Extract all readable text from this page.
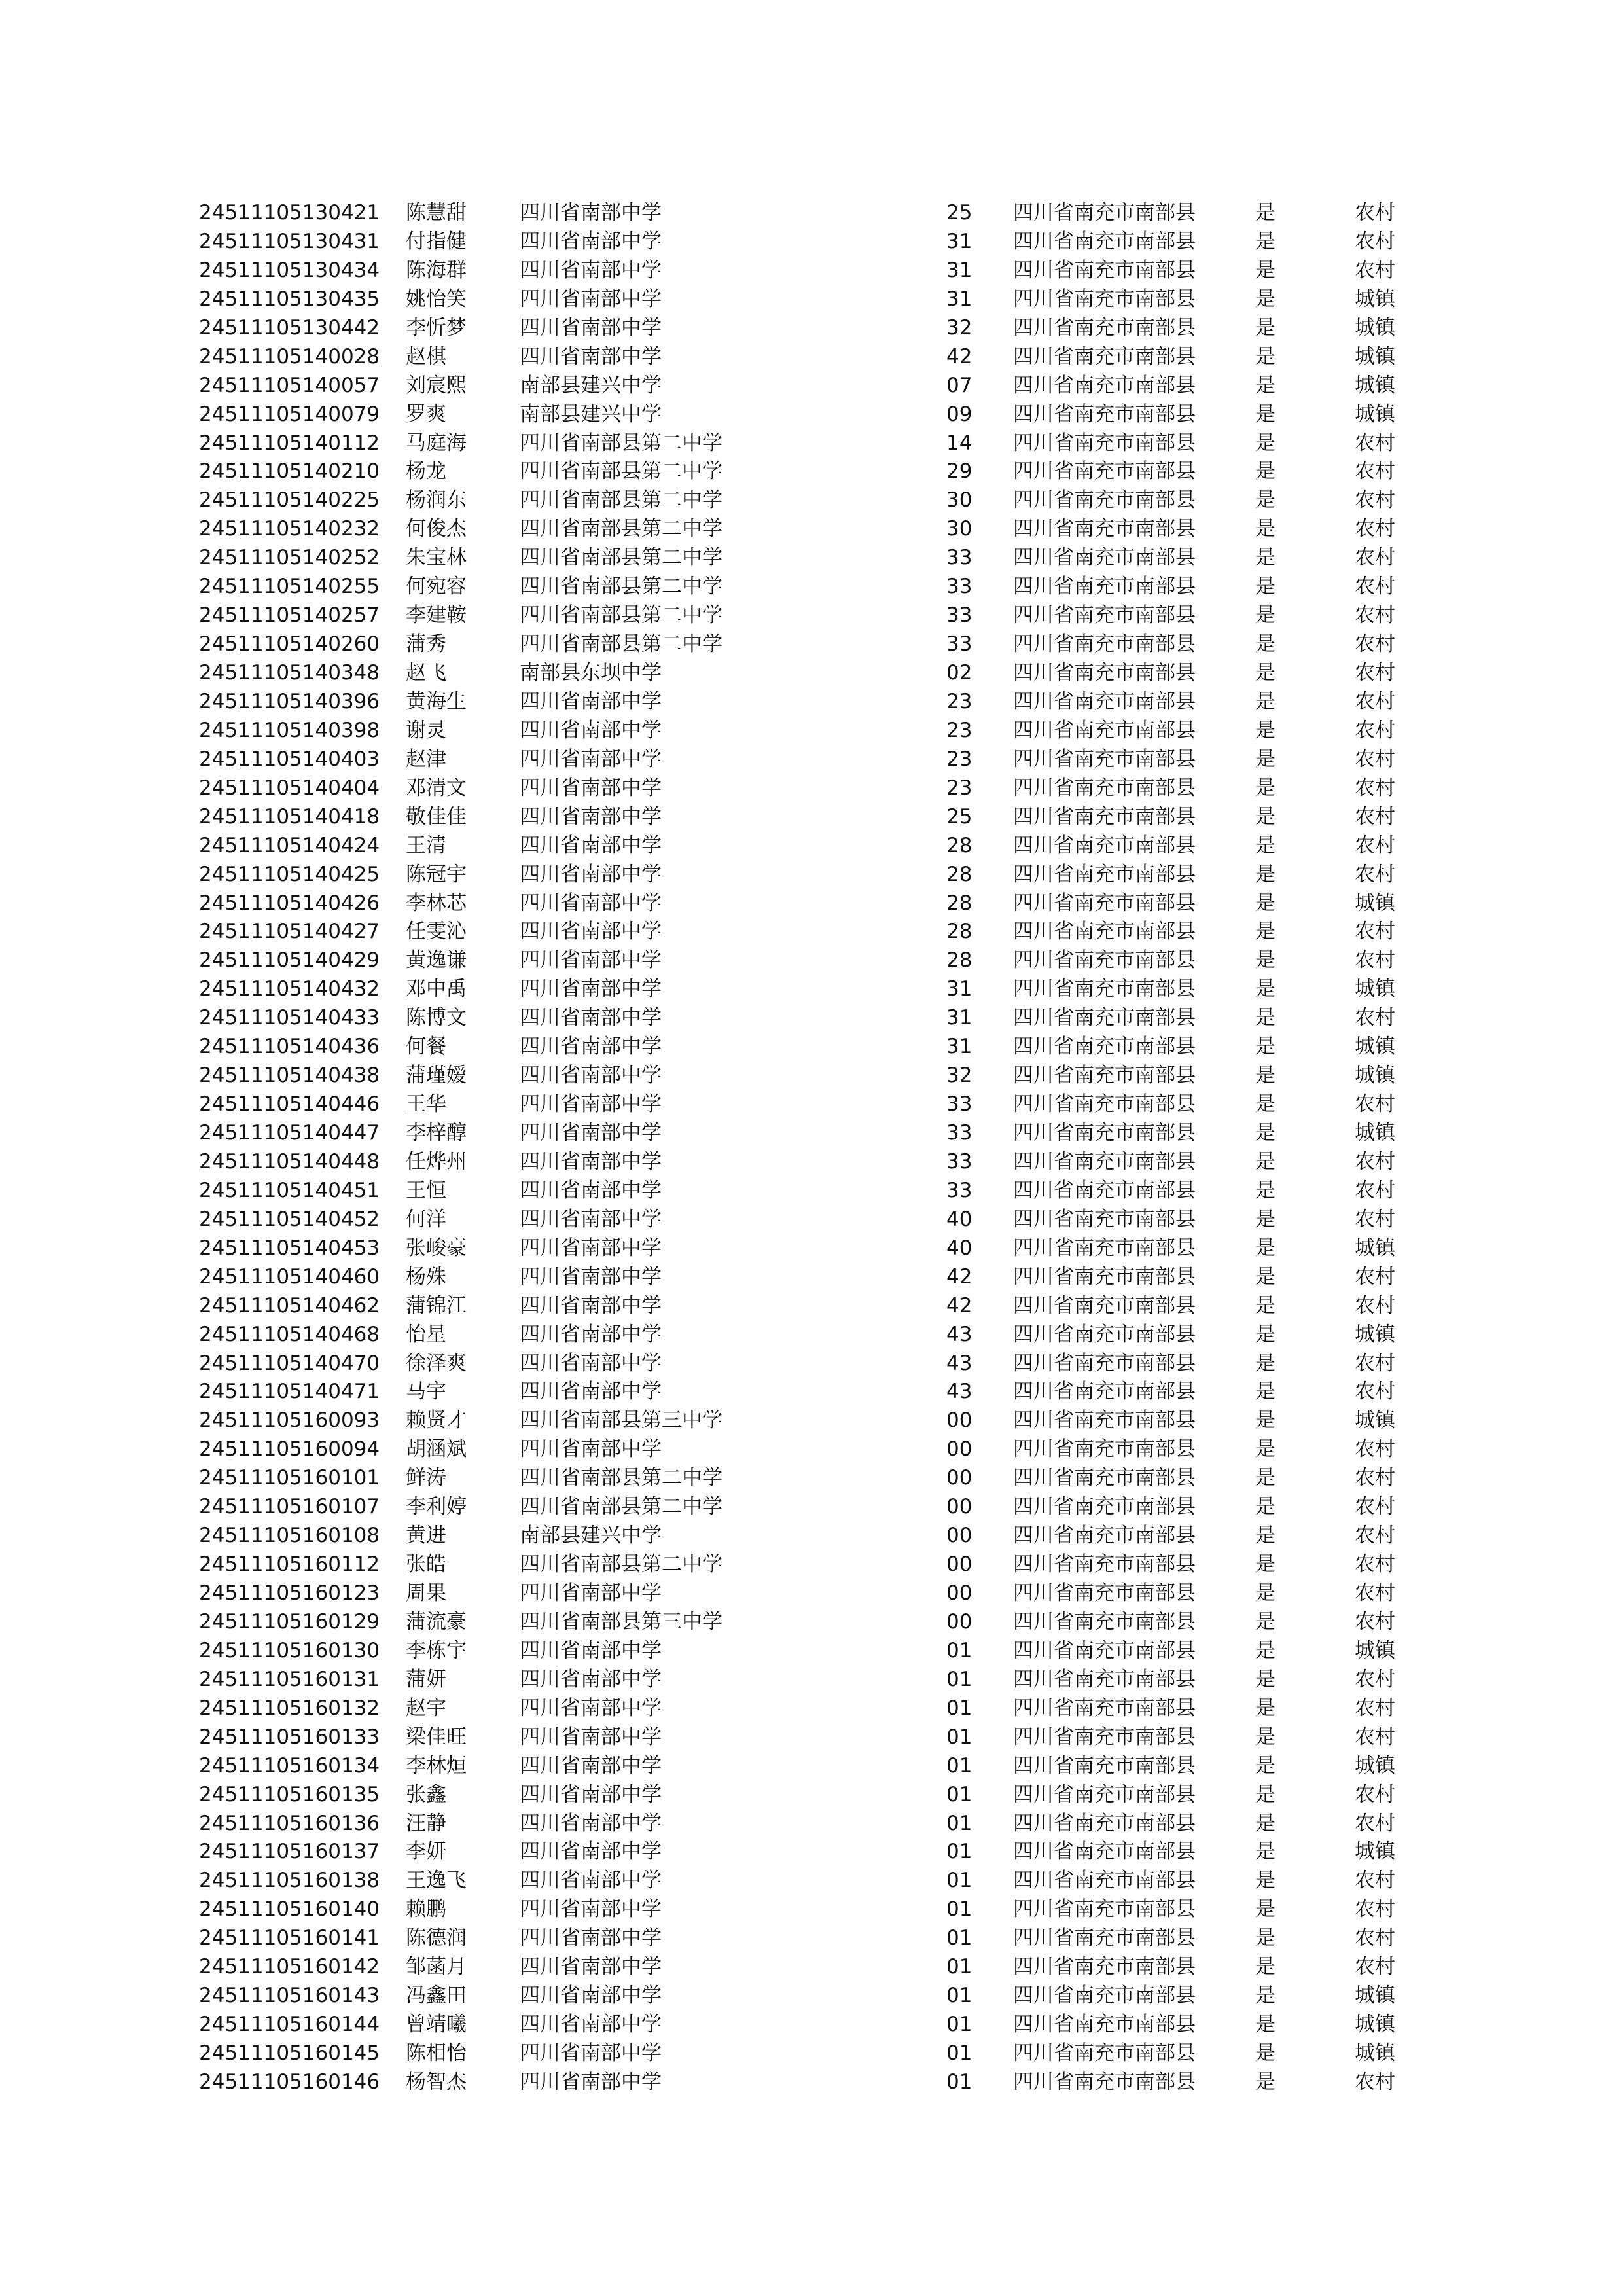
24511105130421 陈慧甜	四川省南部中学	25 四川省南充市南部县	是	农村
24511105130431 付指健	四川省南部中学	31 四川省南充市南部县	是	农村
24511105130434 陈海群	四川省南部中学	31 四川省南充市南部县	是	农村
24511105130435 姚怡笑	四川省南部中学	31 四川省南充市南部县	是	城镇
24511105130442 李忻梦	四川省南部中学	32 四川省南充市南部县	是	城镇
24511105140028 赵棋	四川省南部中学	42 四川省南充市南部县	是	城镇
24511105140057 刘宸熙	南部县建兴中学	07 四川省南充市南部县	是	城镇
24511105140079 罗爽	南部县建兴中学	09 四川省南充市南部县	是	城镇
24511105140112 马庭海	四川省南部县第二中学	14 四川省南充市南部县	是	农村
24511105140210 杨龙	四川省南部县第二中学	29 四川省南充市南部县	是	农村
24511105140225 杨润东	四川省南部县第二中学	30 四川省南充市南部县	是	农村
24511105140232 何俊杰	四川省南部县第二中学	30 四川省南充市南部县	是	农村
24511105140252 朱宝林	四川省南部县第二中学	33 四川省南充市南部县	是	农村
24511105140255 何宛容	四川省南部县第二中学	33 四川省南充市南部县	是	农村
24511105140257 李建鞍	四川省南部县第二中学	33 四川省南充市南部县	是	农村
24511105140260 蒲秀	四川省南部县第二中学	33 四川省南充市南部县	是	农村
24511105140348 赵飞	南部县东坝中学	02 四川省南充市南部县	是	农村
24511105140396 黄海生	四川省南部中学	23 四川省南充市南部县	是	农村
24511105140398 谢灵	四川省南部中学	23 四川省南充市南部县	是	农村
24511105140403 赵津	四川省南部中学	23 四川省南充市南部县	是	农村
24511105140404 邓清文	四川省南部中学	23 四川省南充市南部县	是	农村
24511105140418 敬佳佳	四川省南部中学	25 四川省南充市南部县	是	农村
24511105140424 王清	四川省南部中学	28 四川省南充市南部县	是	农村
24511105140425 陈冠宇	四川省南部中学	28 四川省南充市南部县	是	农村
24511105140426 李林芯	四川省南部中学	28 四川省南充市南部县	是	城镇
24511105140427 任雯沁	四川省南部中学	28 四川省南充市南部县	是	农村
24511105140429 黄逸谦	四川省南部中学	28 四川省南充市南部县	是	农村
24511105140432 邓中禹	四川省南部中学	31 四川省南充市南部县	是	城镇
24511105140433 陈博文	四川省南部中学	31 四川省南充市南部县	是	农村
24511105140436 何餐	四川省南部中学	31 四川省南充市南部县	是	城镇
24511105140438 蒲瑾嫒	四川省南部中学	32 四川省南充市南部县	是	城镇
24511105140446 王华	四川省南部中学	33 四川省南充市南部县	是	农村
24511105140447 李梓醇	四川省南部中学	33 四川省南充市南部县	是	城镇
24511105140448 任烨州	四川省南部中学	33 四川省南充市南部县	是	农村
24511105140451 王恒	四川省南部中学	33 四川省南充市南部县	是	农村
24511105140452 何洋	四川省南部中学	40 四川省南充市南部县	是	农村
24511105140453 张峻豪	四川省南部中学	40 四川省南充市南部县	是	城镇
24511105140460 杨殊	四川省南部中学	42 四川省南充市南部县	是	农村
24511105140462 蒲锦江	四川省南部中学	42 四川省南充市南部县	是	农村
24511105140468 怡星	四川省南部中学	43 四川省南充市南部县	是	城镇
24511105140470 徐泽爽	四川省南部中学	43 四川省南充市南部县	是	农村
24511105140471 马宇	四川省南部中学	43 四川省南充市南部县	是	农村
24511105160093 赖贤才	四川省南部县第三中学	00 四川省南充市南部县	是	城镇
24511105160094 胡涵斌	四川省南部中学	00 四川省南充市南部县	是	农村
24511105160101 鲜涛	四川省南部县第二中学	00 四川省南充市南部县	是	农村
24511105160107 李利婷	四川省南部县第二中学	00 四川省南充市南部县	是	农村
24511105160108 黄进	南部县建兴中学	00 四川省南充市南部县	是	农村
24511105160112 张皓	四川省南部县第二中学	00 四川省南充市南部县	是	农村
24511105160123 周果	四川省南部中学	00 四川省南充市南部县	是	农村
24511105160129 蒲流豪	四川省南部县第三中学	00 四川省南充市南部县	是	农村
24511105160130 李栋宇	四川省南部中学	01 四川省南充市南部县	是	城镇
24511105160131 蒲妍	四川省南部中学	01 四川省南充市南部县	是	农村
24511105160132 赵宇	四川省南部中学	01 四川省南充市南部县	是	农村
24511105160133 梁佳旺	四川省南部中学	01 四川省南充市南部县	是	农村
24511105160134 李林烜	四川省南部中学	01 四川省南充市南部县	是	城镇
24511105160135 张鑫	四川省南部中学	01 四川省南充市南部县	是	农村
24511105160136 汪静	四川省南部中学	01 四川省南充市南部县	是	农村
24511105160137 李妍	四川省南部中学	01 四川省南充市南部县	是	城镇
24511105160138 王逸飞	四川省南部中学	01 四川省南充市南部县	是	农村
24511105160140 赖鹏	四川省南部中学	01 四川省南充市南部县	是	农村
24511105160141 陈德润	四川省南部中学	01 四川省南充市南部县	是	农村
24511105160142 邹菡月	四川省南部中学	01 四川省南充市南部县	是	农村
24511105160143 冯鑫田	四川省南部中学	01 四川省南充市南部县	是	城镇
24511105160144 曾靖曦	四川省南部中学	01 四川省南充市南部县	是	城镇
24511105160145 陈相怡	四川省南部中学	01 四川省南充市南部县	是	城镇
24511105160146 杨智杰	四川省南部中学	01 四川省南充市南部县	是	农村
